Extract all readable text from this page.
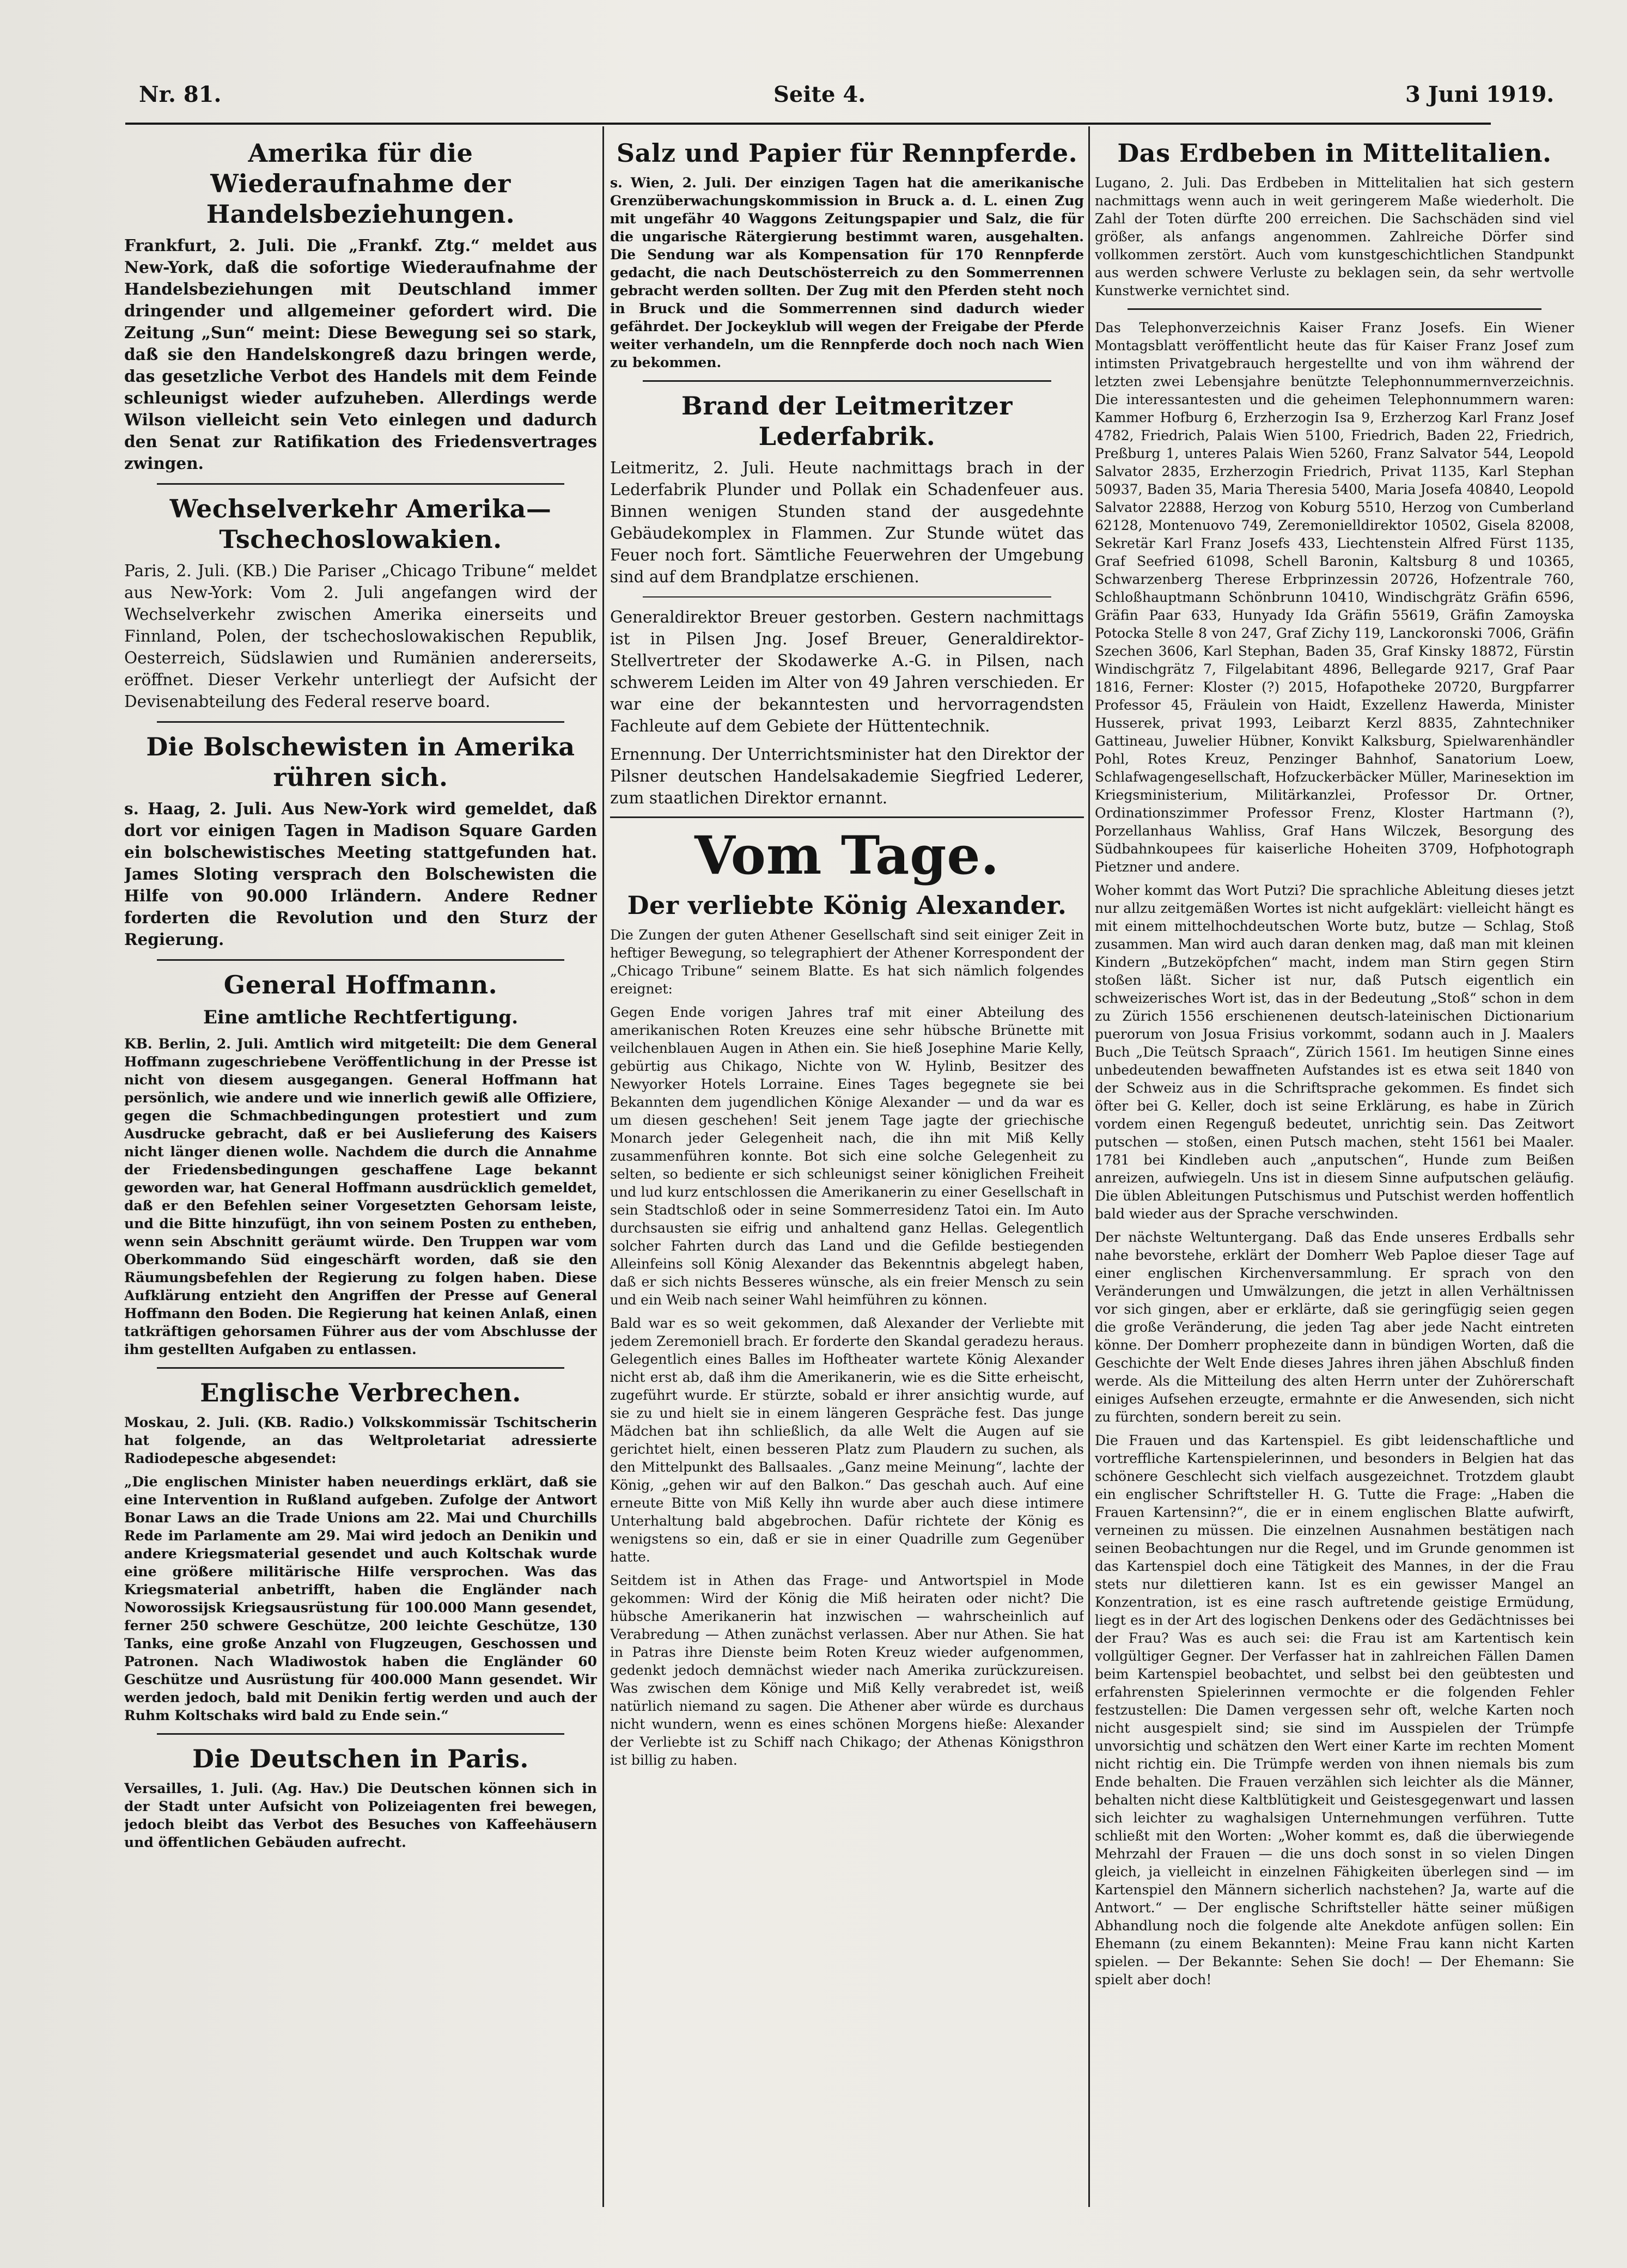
Nr. 81.	Seite 4.	3 Juni 1919.
Amerika für die Wiederaufnahme der Handelsbeziehungen.

Frankfurt, 2. Juli. Die „Frankf. Ztg.“ meldet aus New-York, daß die sofortige Wiederaufnahme der Handelsbeziehungen mit Deutschland immer dringender und allgemeiner gefordert wird. Die Zeitung „Sun“ meint: Diese Bewegung sei so stark, daß sie den Handelskongreß dazu bringen werde, das gesetzliche Verbot des Handels mit dem Feinde schleunigst wieder aufzuheben. Allerdings werde Wilson vielleicht sein Veto einlegen und dadurch den Senat zur Ratifikation des Friedensvertrages zwingen.

Wechselverkehr Amerika—Tschechoslowakien.

Paris, 2. Juli. (KB.) Die Pariser „Chicago Tribune“ meldet aus New-York: Vom 2. Juli angefangen wird der Wechselverkehr zwischen Amerika einerseits und Finnland, Polen, der tschechoslowakischen Republik, Oesterreich, Südslawien und Rumänien andererseits, eröffnet. Dieser Verkehr unterliegt der Aufsicht der Devisenabteilung des Federal reserve board.

Die Bolschewisten in Amerika rühren sich.

s. Haag, 2. Juli. Aus New-York wird gemeldet, daß dort vor einigen Tagen in Madison Square Garden ein bolschewistisches Meeting stattgefunden hat. James Sloting versprach den Bolschewisten die Hilfe von 90.000 Irländern. Andere Redner forderten die Revolution und den Sturz der Regierung.

General Hoffmann.
Eine amtliche Rechtfertigung.

KB. Berlin, 2. Juli. Amtlich wird mitgeteilt: Die dem General Hoffmann zugeschriebene Veröffentlichung in der Presse ist nicht von diesem ausgegangen. General Hoffmann hat persönlich, wie andere und wie innerlich gewiß alle Offiziere, gegen die Schmachbedingungen protestiert und zum Ausdrucke gebracht, daß er bei Auslieferung des Kaisers nicht länger dienen wolle. Nachdem die durch die Annahme der Friedensbedingungen geschaffene Lage bekannt geworden war, hat General Hoffmann ausdrücklich gemeldet, daß er den Befehlen seiner Vorgesetzten Gehorsam leiste, und die Bitte hinzufügt, ihn von seinem Posten zu entheben, wenn sein Abschnitt geräumt würde. Den Truppen war vom Oberkommando Süd eingeschärft worden, daß sie den Räumungsbefehlen der Regierung zu folgen haben. Diese Aufklärung entzieht den Angriffen der Presse auf General Hoffmann den Boden. Die Regierung hat keinen Anlaß, einen tatkräftigen gehorsamen Führer aus der vom Abschlusse der ihm gestellten Aufgaben zu entlassen.

Englische Verbrechen.

Moskau, 2. Juli. (KB. Radio.) Volkskommissär Tschitscherin hat folgende, an das Weltproletariat adressierte Radiodepesche abgesendet:

„Die englischen Minister haben neuerdings erklärt, daß sie eine Intervention in Rußland aufgeben. Zufolge der Antwort Bonar Laws an die Trade Unions am 22. Mai und Churchills Rede im Parlamente am 29. Mai wird jedoch an Denikin und andere Kriegsmaterial gesendet und auch Koltschak wurde eine größere militärische Hilfe versprochen. Was das Kriegsmaterial anbetrifft, haben die Engländer nach Noworossijsk Kriegsausrüstung für 100.000 Mann gesendet, ferner 250 schwere Geschütze, 200 leichte Geschütze, 130 Tanks, eine große Anzahl von Flugzeugen, Geschossen und Patronen. Nach Wladiwostok haben die Engländer 60 Geschütze und Ausrüstung für 400.000 Mann gesendet. Wir werden jedoch, bald mit Denikin fertig werden und auch der Ruhm Koltschaks wird bald zu Ende sein.“

Die Deutschen in Paris.

Versailles, 1. Juli. (Ag. Hav.) Die Deutschen können sich in der Stadt unter Aufsicht von Polizeiagenten frei bewegen, jedoch bleibt das Verbot des Besuches von Kaffeehäusern und öffentlichen Gebäuden aufrecht.

Salz und Papier für Rennpferde.

s. Wien, 2. Juli. Der einzigen Tagen hat die amerikanische Grenzüberwachungskommission in Bruck a. d. L. einen Zug mit ungefähr 40 Waggons Zeitungspapier und Salz, die für die ungarische Rätergierung bestimmt waren, ausgehalten. Die Sendung war als Kompensation für 170 Rennpferde gedacht, die nach Deutschösterreich zu den Sommerrennen gebracht werden sollten. Der Zug mit den Pferden steht noch in Bruck und die Sommerrennen sind dadurch wieder gefährdet. Der Jockeyklub will wegen der Freigabe der Pferde weiter verhandeln, um die Rennpferde doch noch nach Wien zu bekommen.

Brand der Leitmeritzer Lederfabrik.

Leitmeritz, 2. Juli. Heute nachmittags brach in der Lederfabrik Plunder und Pollak ein Schadenfeuer aus. Binnen wenigen Stunden stand der ausgedehnte Gebäudekomplex in Flammen. Zur Stunde wütet das Feuer noch fort. Sämtliche Feuerwehren der Umgebung sind auf dem Brandplatze erschienen.

Generaldirektor Breuer gestorben. Gestern nachmittags ist in Pilsen Jng. Josef Breuer, Generaldirektor-Stellvertreter der Skodawerke A.-G. in Pilsen, nach schwerem Leiden im Alter von 49 Jahren verschieden. Er war eine der bekanntesten und hervorragendsten Fachleute auf dem Gebiete der Hüttentechnik.

Ernennung. Der Unterrichtsminister hat den Direktor der Pilsner deutschen Handelsakademie Siegfried Lederer, zum staatlichen Direktor ernannt.

Vom Tage.
Der verliebte König Alexander.

Die Zungen der guten Athener Gesellschaft sind seit einiger Zeit in heftiger Bewegung, so telegraphiert der Athener Korrespondent der „Chicago Tribune“ seinem Blatte. Es hat sich nämlich folgendes ereignet:

Gegen Ende vorigen Jahres traf mit einer Abteilung des amerikanischen Roten Kreuzes eine sehr hübsche Brünette mit veilchenblauen Augen in Athen ein. Sie hieß Josephine Marie Kelly, gebürtig aus Chikago, Nichte von W. Hylinb, Besitzer des Newyorker Hotels Lorraine. Eines Tages begegnete sie bei Bekannten dem jugendlichen Könige Alexander — und da war es um diesen geschehen! Seit jenem Tage jagte der griechische Monarch jeder Gelegenheit nach, die ihn mit Miß Kelly zusammenführen konnte. Bot sich eine solche Gelegenheit zu selten, so bediente er sich schleunigst seiner königlichen Freiheit und lud kurz entschlossen die Amerikanerin zu einer Gesellschaft in sein Stadtschloß oder in seine Sommerresidenz Tatoi ein. Im Auto durchsausten sie eifrig und anhaltend ganz Hellas. Gelegentlich solcher Fahrten durch das Land und die Gefilde bestiegenden Alleinfeins soll König Alexander das Bekenntnis abgelegt haben, daß er sich nichts Besseres wünsche, als ein freier Mensch zu sein und ein Weib nach seiner Wahl heimführen zu können.

Bald war es so weit gekommen, daß Alexander der Verliebte mit jedem Zeremoniell brach. Er forderte den Skandal geradezu heraus. Gelegentlich eines Balles im Hoftheater wartete König Alexander nicht erst ab, daß ihm die Amerikanerin, wie es die Sitte erheischt, zugeführt wurde. Er stürzte, sobald er ihrer ansichtig wurde, auf sie zu und hielt sie in einem längeren Gespräche fest. Das junge Mädchen bat ihn schließlich, da alle Welt die Augen auf sie gerichtet hielt, einen besseren Platz zum Plaudern zu suchen, als den Mittelpunkt des Ballsaales. „Ganz meine Meinung“, lachte der König, „gehen wir auf den Balkon.“ Das geschah auch. Auf eine erneute Bitte von Miß Kelly ihn wurde aber auch diese intimere Unterhaltung bald abgebrochen. Dafür richtete der König es wenigstens so ein, daß er sie in einer Quadrille zum Gegenüber hatte.

Seitdem ist in Athen das Frage- und Antwortspiel in Mode gekommen: Wird der König die Miß heiraten oder nicht? Die hübsche Amerikanerin hat inzwischen — wahrscheinlich auf Verabredung — Athen zunächst verlassen. Aber nur Athen. Sie hat in Patras ihre Dienste beim Roten Kreuz wieder aufgenommen, gedenkt jedoch demnächst wieder nach Amerika zurückzureisen. Was zwischen dem Könige und Miß Kelly verabredet ist, weiß natürlich niemand zu sagen. Die Athener aber würde es durchaus nicht wundern, wenn es eines schönen Morgens hieße: Alexander der Verliebte ist zu Schiff nach Chikago; der Athenas Königsthron ist billig zu haben.

Das Erdbeben in Mittelitalien.

Lugano, 2. Juli. Das Erdbeben in Mittelitalien hat sich gestern nachmittags wenn auch in weit geringerem Maße wiederholt. Die Zahl der Toten dürfte 200 erreichen. Die Sachschäden sind viel größer, als anfangs angenommen. Zahlreiche Dörfer sind vollkommen zerstört. Auch vom kunstgeschichtlichen Standpunkt aus werden schwere Verluste zu beklagen sein, da sehr wertvolle Kunstwerke vernichtet sind.

Das Telephonverzeichnis Kaiser Franz Josefs. Ein Wiener Montagsblatt veröffentlicht heute das für Kaiser Franz Josef zum intimsten Privatgebrauch hergestellte und von ihm während der letzten zwei Lebensjahre benützte Telephonnummernverzeichnis. Die interessantesten und die geheimen Telephonnummern waren: Kammer Hofburg 6, Erzherzogin Isa 9, Erzherzog Karl Franz Josef 4782, Friedrich, Palais Wien 5100, Friedrich, Baden 22, Friedrich, Preßburg 1, unteres Palais Wien 5260, Franz Salvator 544, Leopold Salvator 2835, Erzherzogin Friedrich, Privat 1135, Karl Stephan 50937, Baden 35, Maria Theresia 5400, Maria Josefa 40840, Leopold Salvator 22888, Herzog von Koburg 5510, Herzog von Cumberland 62128, Montenuovo 749, Zeremonielldirektor 10502, Gisela 82008, Sekretär Karl Franz Josefs 433, Liechtenstein Alfred Fürst 1135, Graf Seefried 61098, Schell Baronin, Kaltsburg 8 und 10365, Schwarzenberg Therese Erbprinzessin 20726, Hofzentrale 760, Schloßhauptmann Schönbrunn 10410, Windischgrätz Gräfin 6596, Gräfin Paar 633, Hunyady Ida Gräfin 55619, Gräfin Zamoyska Potocka Stelle 8 von 247, Graf Zichy 119, Lanckoronski 7006, Gräfin Szechen 3606, Karl Stephan, Baden 35, Graf Kinsky 18872, Fürstin Windischgrätz 7, Filgelabitant 4896, Bellegarde 9217, Graf Paar 1816, Ferner: Kloster (?) 2015, Hofapotheke 20720, Burgpfarrer Professor 45, Fräulein von Haidt, Exzellenz Hawerda, Minister Husserek, privat 1993, Leibarzt Kerzl 8835, Zahntechniker Gattineau, Juwelier Hübner, Konvikt Kalksburg, Spielwarenhändler Pohl, Rotes Kreuz, Penzinger Bahnhof, Sanatorium Loew, Schlafwagengesellschaft, Hofzuckerbäcker Müller, Marinesektion im Kriegsministerium, Militärkanzlei, Professor Dr. Ortner, Ordinationszimmer Professor Frenz, Kloster Hartmann (?), Porzellanhaus Wahliss, Graf Hans Wilczek, Besorgung des Südbahnkoupees für kaiserliche Hoheiten 3709, Hofphotograph Pietzner und andere.

Woher kommt das Wort Putzi? Die sprachliche Ableitung dieses jetzt nur allzu zeitgemäßen Wortes ist nicht aufgeklärt: vielleicht hängt es mit einem mittelhochdeutschen Worte butz, butze — Schlag, Stoß zusammen. Man wird auch daran denken mag, daß man mit kleinen Kindern „Butzeköpfchen“ macht, indem man Stirn gegen Stirn stoßen läßt. Sicher ist nur, daß Putsch eigentlich ein schweizerisches Wort ist, das in der Bedeutung „Stoß“ schon in dem zu Zürich 1556 erschienenen deutsch-lateinischen Dictionarium puerorum von Josua Frisius vorkommt, sodann auch in J. Maalers Buch „Die Teütsch Spraach“, Zürich 1561. Im heutigen Sinne eines unbedeutenden bewaffneten Aufstandes ist es etwa seit 1840 von der Schweiz aus in die Schriftsprache gekommen. Es findet sich öfter bei G. Keller, doch ist seine Erklärung, es habe in Zürich vordem einen Regenguß bedeutet, unrichtig sein. Das Zeitwort putschen — stoßen, einen Putsch machen, steht 1561 bei Maaler. 1781 bei Kindleben auch „anputschen“, Hunde zum Beißen anreizen, aufwiegeln. Uns ist in diesem Sinne aufputschen geläufig. Die üblen Ableitungen Putschismus und Putschist werden hoffentlich bald wieder aus der Sprache verschwinden.

Der nächste Weltuntergang. Daß das Ende unseres Erdballs sehr nahe bevorstehe, erklärt der Domherr Web Paploe dieser Tage auf einer englischen Kirchenversammlung. Er sprach von den Veränderungen und Umwälzungen, die jetzt in allen Verhältnissen vor sich gingen, aber er erklärte, daß sie geringfügig seien gegen die große Veränderung, die jeden Tag aber jede Nacht eintreten könne. Der Domherr prophezeite dann in bündigen Worten, daß die Geschichte der Welt Ende dieses Jahres ihren jähen Abschluß finden werde. Als die Mitteilung des alten Herrn unter der Zuhörerschaft einiges Aufsehen erzeugte, ermahnte er die Anwesenden, sich nicht zu fürchten, sondern bereit zu sein.

Die Frauen und das Kartenspiel. Es gibt leidenschaftliche und vortreffliche Kartenspielerinnen, und besonders in Belgien hat das schönere Geschlecht sich vielfach ausgezeichnet. Trotzdem glaubt ein englischer Schriftsteller H. G. Tutte die Frage: „Haben die Frauen Kartensinn?“, die er in einem englischen Blatte aufwirft, verneinen zu müssen. Die einzelnen Ausnahmen bestätigen nach seinen Beobachtungen nur die Regel, und im Grunde genommen ist das Kartenspiel doch eine Tätigkeit des Mannes, in der die Frau stets nur dilettieren kann. Ist es ein gewisser Mangel an Konzentration, ist es eine rasch auftretende geistige Ermüdung, liegt es in der Art des logischen Denkens oder des Gedächtnisses bei der Frau? Was es auch sei: die Frau ist am Kartentisch kein vollgültiger Gegner. Der Verfasser hat in zahlreichen Fällen Damen beim Kartenspiel beobachtet, und selbst bei den geübtesten und erfahrensten Spielerinnen vermochte er die folgenden Fehler festzustellen: Die Damen vergessen sehr oft, welche Karten noch nicht ausgespielt sind; sie sind im Ausspielen der Trümpfe unvorsichtig und schätzen den Wert einer Karte im rechten Moment nicht richtig ein. Die Trümpfe werden von ihnen niemals bis zum Ende behalten. Die Frauen verzählen sich leichter als die Männer, behalten nicht diese Kaltblütigkeit und Geistesgegenwart und lassen sich leichter zu waghalsigen Unternehmungen verführen. Tutte schließt mit den Worten: „Woher kommt es, daß die überwiegende Mehrzahl der Frauen — die uns doch sonst in so vielen Dingen gleich, ja vielleicht in einzelnen Fähigkeiten überlegen sind — im Kartenspiel den Männern sicherlich nachstehen? Ja, warte auf die Antwort.“ — Der englische Schriftsteller hätte seiner müßigen Abhandlung noch die folgende alte Anekdote anfügen sollen: Ein Ehemann (zu einem Bekannten): Meine Frau kann nicht Karten spielen. — Der Bekannte: Sehen Sie doch! — Der Ehemann: Sie spielt aber doch!
